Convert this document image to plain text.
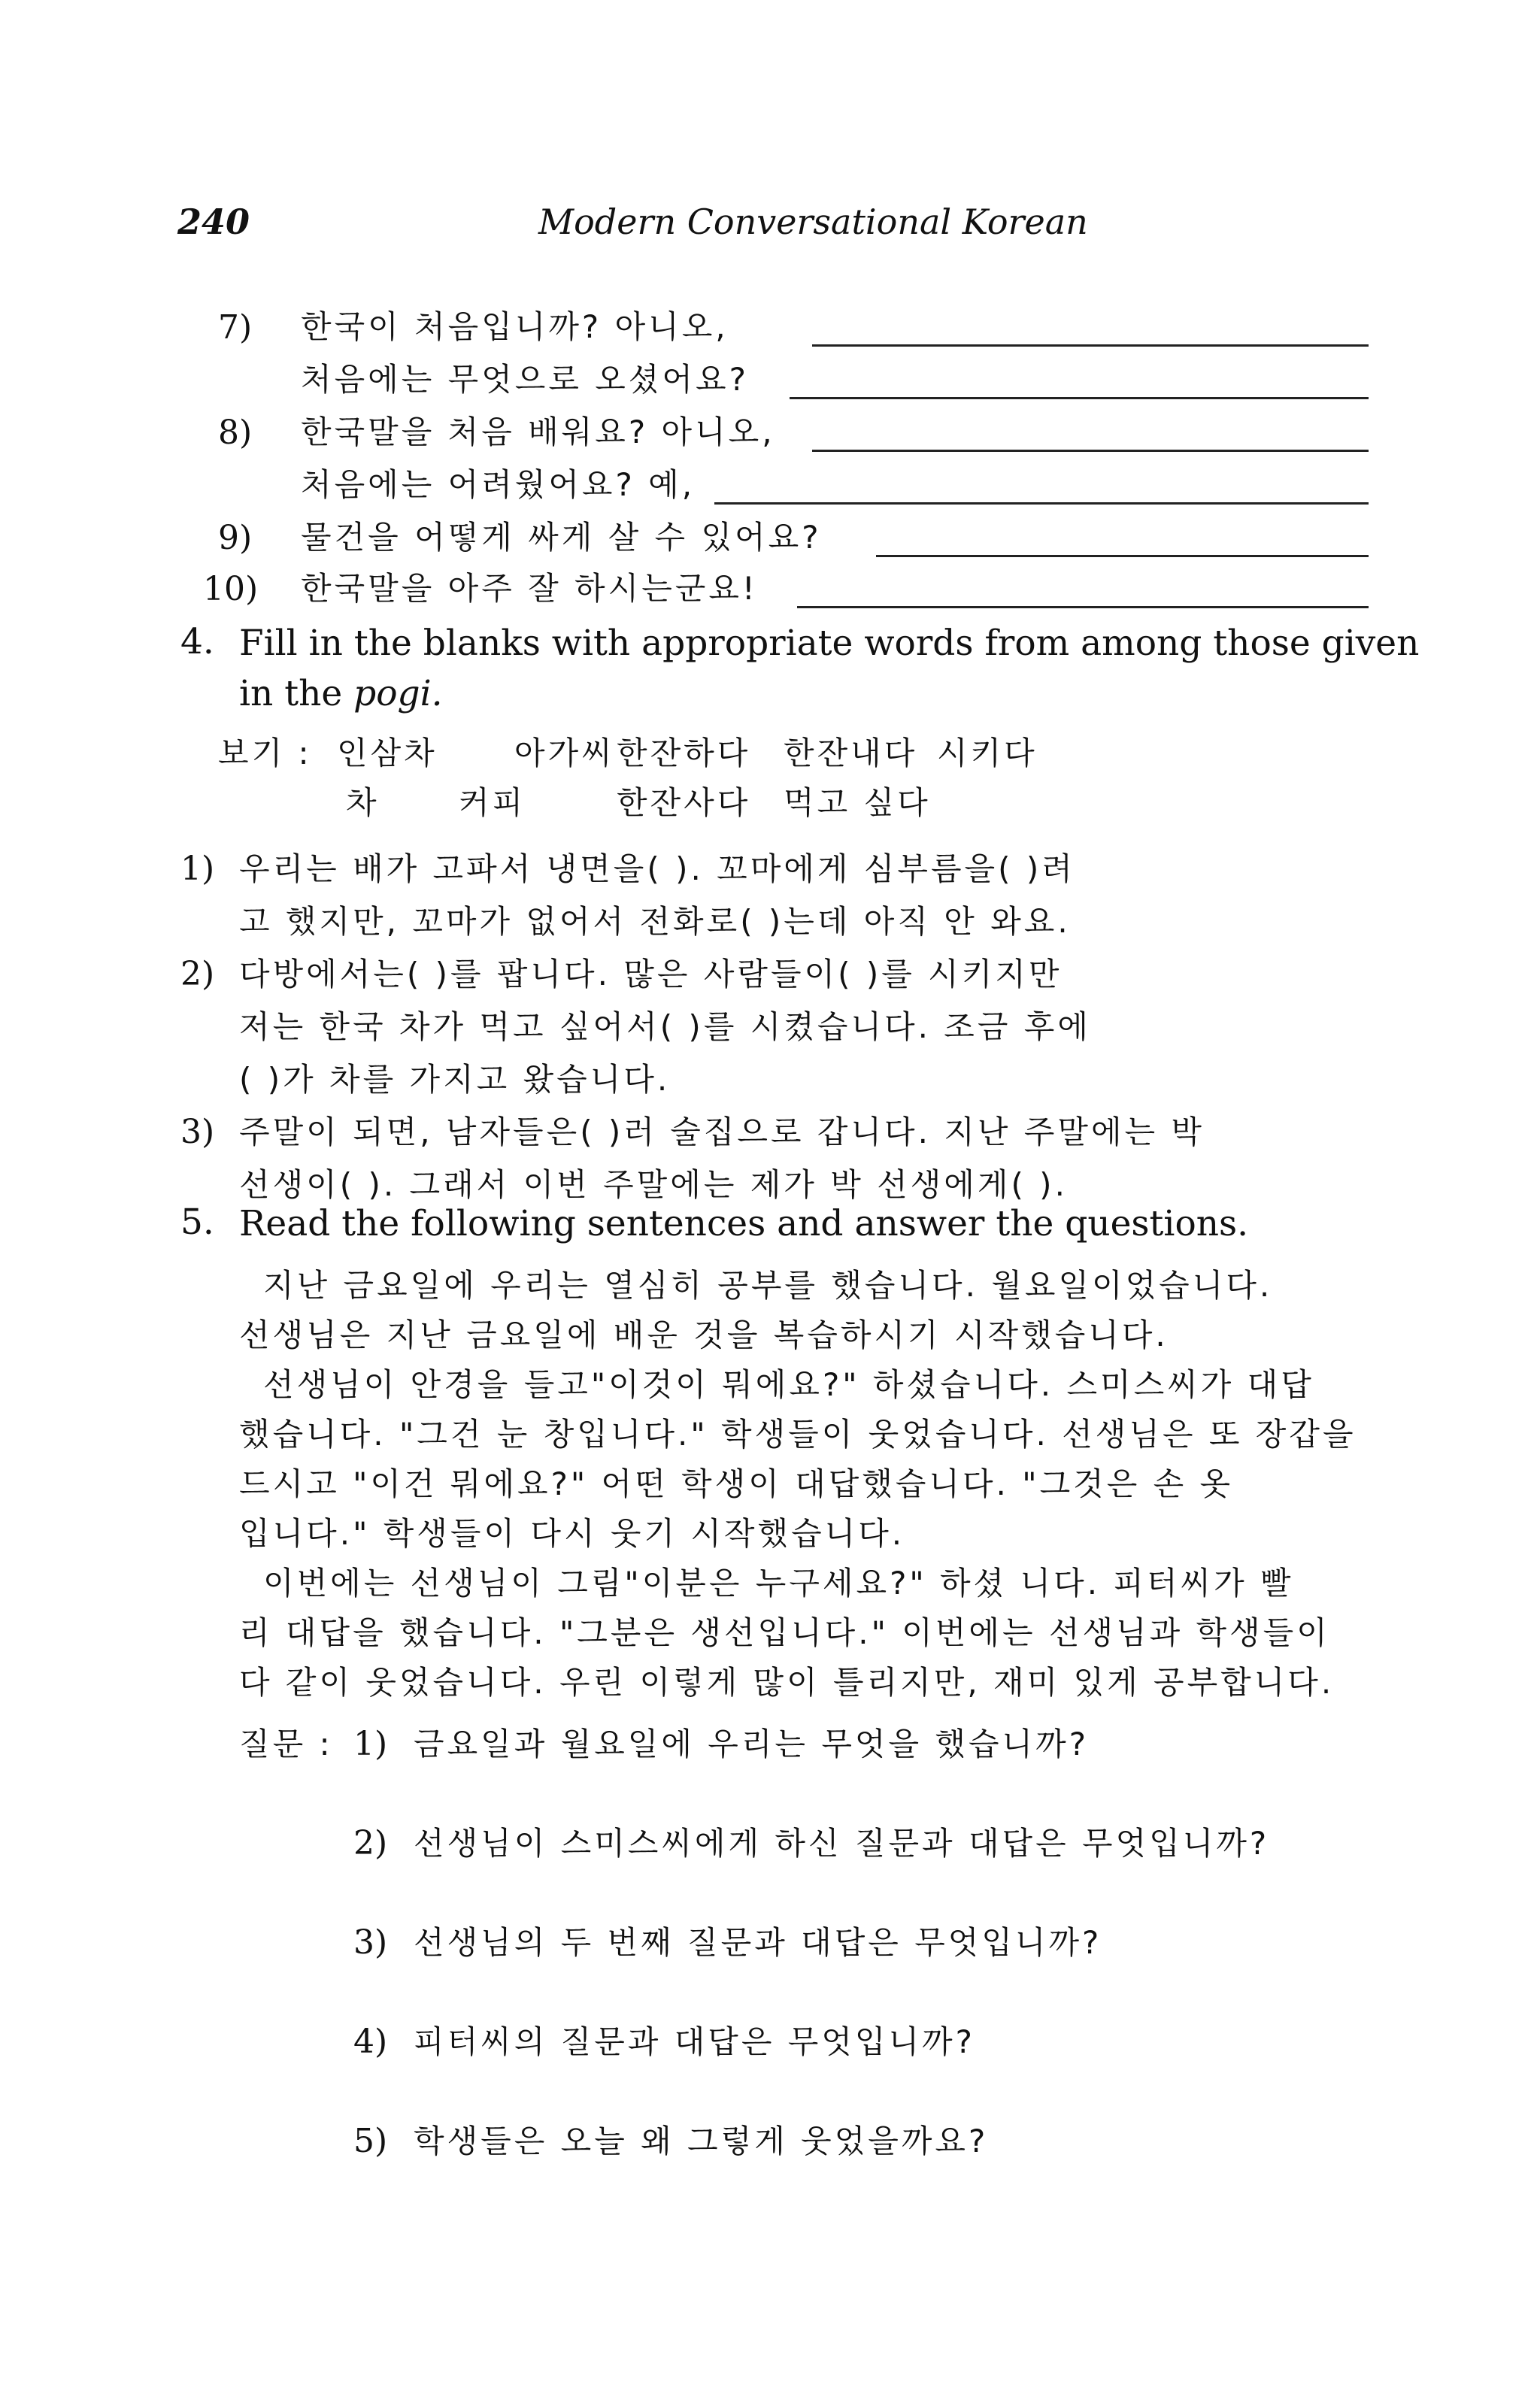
240	Modern Conversational Korean
7) 한국이 처음입니까? 아니오,
처음에는 무엇으로 오셨어요?
8) 한국말을 처음 배워요? 아니오,
처음에는 어려웠어요? 예,
9) 물건을 어떻게 싸게 살 수 있어요?
10) 한국말을 아주 잘 하시는군요!
4. Fill in the blanks with appropriate words from among those given
in the pogi.
보기 : 인삼차 아가씨 한잔하다 한잔내다 시키다
차	커피	한잔사다 먹고 싶다
1) 우리는 배가 고파서 냉면을( ). 꼬마에게 심부름을( )려
고 했지만, 꼬마가 없어서 전화로( )는데 아직 안 와요.
2) 다방에서는( )를 팝니다. 많은 사람들이( )를 시키지만
저는 한국 차가 먹고 싶어서( )를 시켰습니다. 조금 후에
( )가 차를 가지고 왔습니다.
3) 주말이 되면, 남자들은( )러 술집으로 갑니다. 지난 주말에는 박
선생이( ). 그래서 이번 주말에는 제가 박 선생에게( ).
5. Read the following sentences and answer the questions.
지난 금요일에 우리는 열심히 공부를 했습니다. 월요일이었습니다.
선생님은 지난 금요일에 배운 것을 복습하시기 시작했습니다.
선생님이 안경을 들고"이것이 뭐에요?" 하셨습니다. 스미스씨가 대답
했습니다. "그건 눈 창입니다." 학생들이 웃었습니다. 선생님은 또 장갑을
드시고 "이건 뭐에요?" 어떤 학생이 대답했습니다. "그것은 손 옷
입니다." 학생들이 다시 웃기 시작했습니다.
이번에는 선생님이 그림"이분은 누구세요?" 하셨 니다. 피터씨가 빨
리 대답을 했습니다. "그분은 생선입니다." 이번에는 선생님과 학생들이
다 같이 웃었습니다. 우린 이렇게 많이 틀리지만, 재미 있게 공부합니다.
질문 : 1) 금요일과 월요일에 우리는 무엇을 했습니까?
2) 선생님이 스미스씨에게 하신 질문과 대답은 무엇입니까?
3) 선생님의 두 번째 질문과 대답은 무엇입니까?
4) 피터씨의 질문과 대답은 무엇입니까?
5) 학생들은 오늘 왜 그렇게 웃었을까요?
